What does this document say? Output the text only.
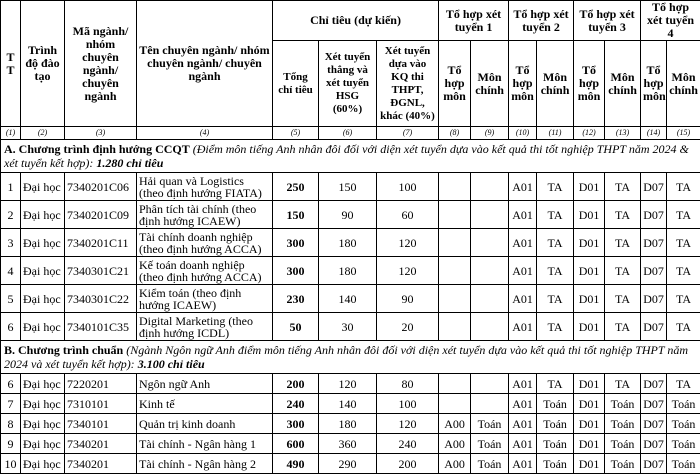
T T	Trình độ đào tạo	Mã ngành/ nhóm chuyên ngành/ chuyên ngành	Tên chuyên ngành/ nhóm chuyên ngành/ chuyên ngành	Chỉ tiêu (dự kiến)			Tổ hợp xét tuyển 1		Tổ hợp xét tuyển 2		Tổ hợp xét tuyển 3		Tổ hợp xét tuyển 4	
				Tổng chỉ tiêu	Xét tuyển thẳng và xét tuyển HSG (60%)	Xét tuyển dựa vào KQ thi THPT, ĐGNL, khác (40%)	Tổ hợp môn	Môn chính	Tổ hợp môn	Môn chính	Tổ hợp môn	Môn chính	Tổ hợp môn	Môn chính
(1)	(2)	(3)	(4)	(5)	(6)	(7)	(8)	(9)	(10)	(11)	(12)	(13)	(14)	(15)
A. Chương trình định hướng CCQT (Điểm môn tiếng Anh nhân đôi đối với diện xét tuyển dựa vào kết quả thi tốt nghiệp THPT năm 2024 & xét tuyển kết hợp): 1.280 chỉ tiêu														
1	Đại học	7340201C06	Hải quan và Logistics (theo định hướng FIATA)	250	150	100			A01	TA	D01	TA	D07	TA
2	Đại học	7340201C09	Phân tích tài chính (theo định hướng ICAEW)	150	90	60			A01	TA	D01	TA	D07	TA
3	Đại học	7340201C11	Tài chính doanh nghiệp (theo định hướng ACCA)	300	180	120			A01	TA	D01	TA	D07	TA
4	Đại học	7340301C21	Kế toán doanh nghiệp (theo định hướng ACCA)	300	180	120			A01	TA	D01	TA	D07	TA
5	Đại học	7340301C22	Kiểm toán (theo định hướng ICAEW)	230	140	90			A01	TA	D01	TA	D07	TA
6	Đại học	7340101C35	Digital Marketing (theo định hướng ICDL)	50	30	20			A01	TA	D01	TA	D07	TA
B. Chương trình chuẩn (Ngành Ngôn ngữ Anh điểm môn tiếng Anh nhân đôi đối với diện xét tuyển dựa vào kết quả thi tốt nghiệp THPT năm 2024 và xét tuyển kết hợp): 3.100 chỉ tiêu														
6	Đại học	7220201	Ngôn ngữ Anh	200	120	80			A01	TA	D01	TA	D07	TA
7	Đại học	7310101	Kinh tế	240	140	100			A01	Toán	D01	Toán	D07	Toán
8	Đại học	7340101	Quản trị kinh doanh	300	180	120	A00	Toán	A01	Toán	D01	Toán	D07	Toán
9	Đại học	7340201	Tài chính - Ngân hàng 1	600	360	240	A00	Toán	A01	Toán	D01	Toán	D07	Toán
10	Đại học	7340201	Tài chính - Ngân hàng 2	490	290	200	A00	Toán	A01	Toán	D01	Toán	D07	Toán
